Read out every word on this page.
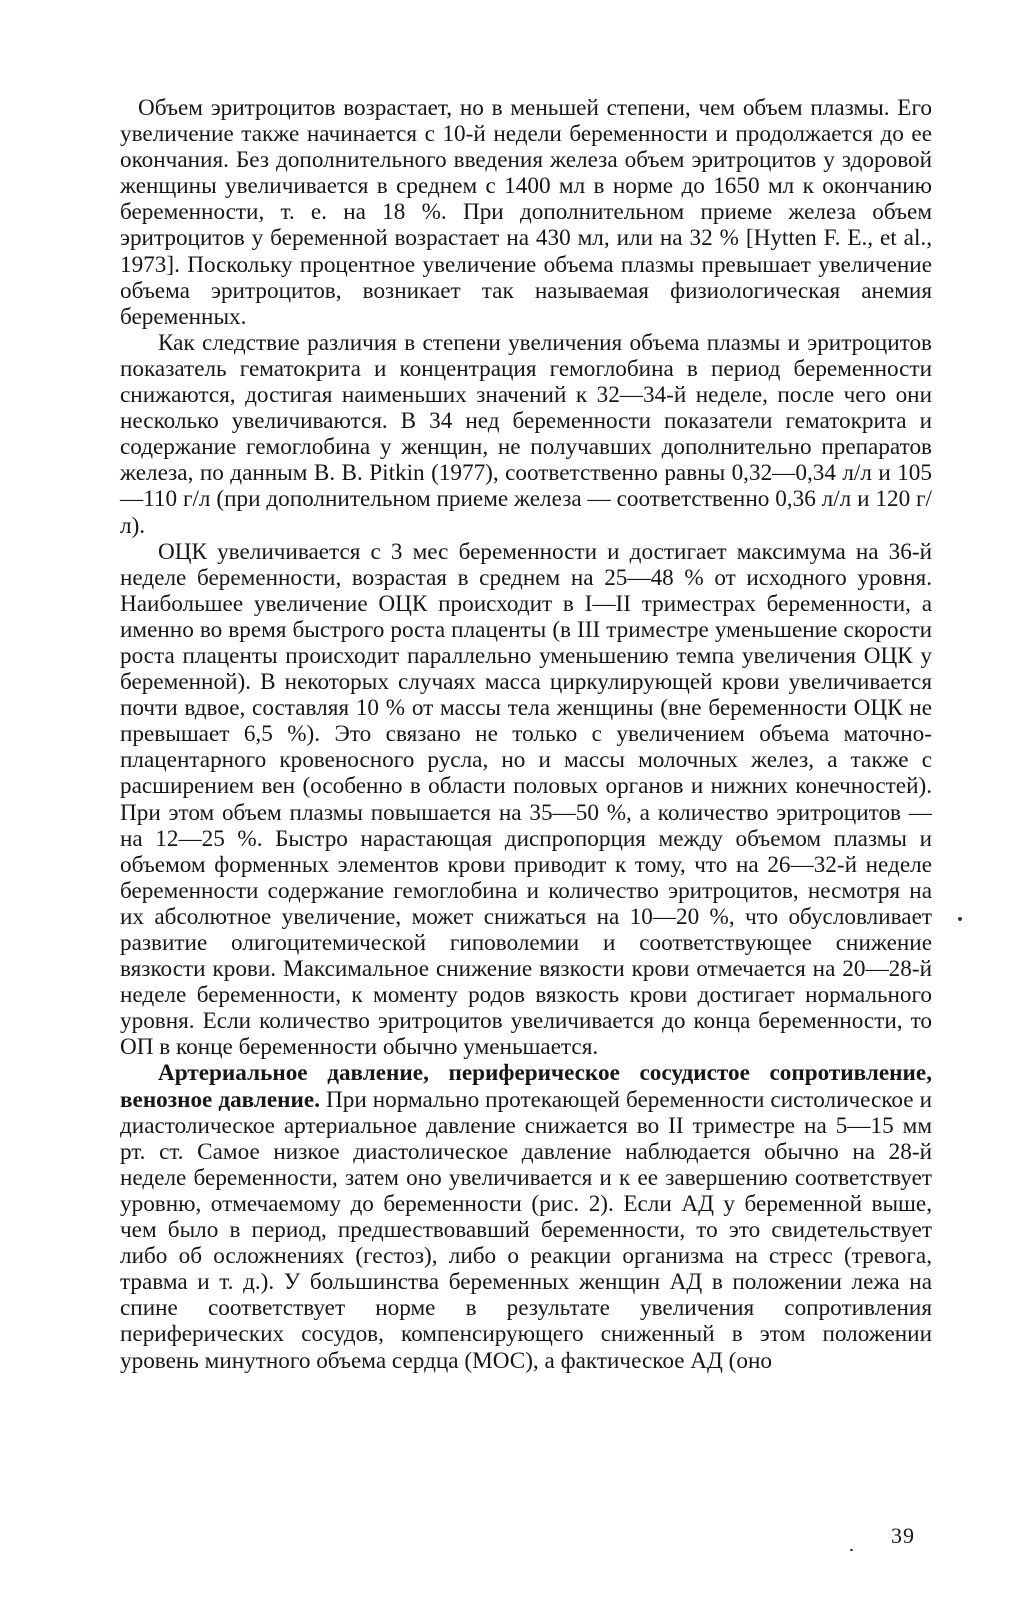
Объем эритроцитов возрастает, но в меньшей степени, чем объем плазмы. Его увеличение также начинается с 10-й недели беременности и продолжается до ее окончания. Без дополнительного введения железа объем эритроцитов у здоровой женщины увеличивается в среднем с 1400 мл в норме до 1650 мл к окончанию беременности, т. е. на 18 %. При дополнительном приеме железа объем эритроцитов у беременной возрастает на 430 мл, или на 32 % [Hytten F. E., et al., 1973]. Поскольку процентное увеличение объема плазмы превышает увеличение объема эритроцитов, возникает так называемая физиологическая анемия беременных.

Как следствие различия в степени увеличения объема плазмы и эритроцитов показатель гематокрита и концентрация гемоглобина в период беременности снижаются, достигая наименьших значений к 32—34-й неделе, после чего они несколько увеличиваются. В 34 нед беременности показатели гематокрита и содержание гемоглобина у женщин, не получавших дополнительно препаратов железа, по данным В. В. Pitkin (1977), соответственно равны 0,32—0,34 л/л и 105—110 г/л (при дополнительном приеме железа — соответственно 0,36 л/л и 120 г/л).

ОЦК увеличивается с 3 мес беременности и достигает максимума на 36-й неделе беременности, возрастая в среднем на 25—48 % от исходного уровня. Наибольшее увеличение ОЦК происходит в I—II триместрах беременности, а именно во время быстрого роста плаценты (в III триместре уменьшение скорости роста плаценты происходит параллельно уменьшению темпа увеличения ОЦК у беременной). В некоторых случаях масса циркулирующей крови увеличивается почти вдвое, составляя 10 % от массы тела женщины (вне беременности ОЦК не превышает 6,5 %). Это связано не только с увеличением объема маточно-плацентарного кровеносного русла, но и массы молочных желез, а также с расширением вен (особенно в области половых органов и нижних конечностей). При этом объем плазмы повышается на 35—50 %, а количество эритроцитов — на 12—25 %. Быстро нарастающая диспропорция между объемом плазмы и объемом форменных элементов крови приводит к тому, что на 26—32-й неделе беременности содержание гемоглобина и количество эритроцитов, несмотря на их абсолютное увеличение, может снижаться на 10—20 %, что обусловливает развитие олигоцитемической гиповолемии и соответствующее снижение вязкости крови. Максимальное снижение вязкости крови отмечается на 20—28-й неделе беременности, к моменту родов вязкость крови достигает нормального уровня. Если количество эритроцитов увеличивается до конца беременности, то ОП в конце беременности обычно уменьшается.

Артериальное давление, периферическое сосудистое сопротивление, венозное давление. При нормально протекающей беременности систолическое и диастолическое артериальное давление снижается во II триместре на 5—15 мм рт. ст. Самое низкое диастолическое давление наблюдается обычно на 28-й неделе беременности, затем оно увеличивается и к ее завершению соответствует уровню, отмечаемому до беременности (рис. 2). Если АД у беременной выше, чем было в период, предшествовавший беременности, то это свидетельствует либо об осложнениях (гестоз), либо о реакции организма на стресс (тревога, травма и т. д.). У большинства беременных женщин АД в положении лежа на спине соответствует норме в результате увеличения сопротивления периферических сосудов, компенсирующего сниженный в этом положении уровень минутного объема сердца (МОС), а фактическое АД (оно

39
